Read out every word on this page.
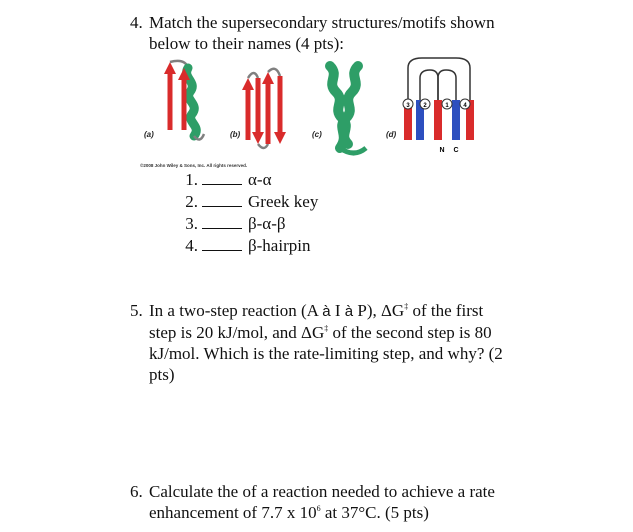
4. Match the supersecondary structures/motifs shown
below to their names (4 pts):
3 2	1 4
N C
(a)	(b)	(c)	(d)
©2008 John Wiley & Sons, Inc. All rights reserved.
1.	α-α
2.	Greek key
3.	β-α-β
4.	β-hairpin
5. In a two-step reaction (A à I à P), ΔG‡ of the first
step is 20 kJ/mol, and ΔG‡ of the second step is 80
kJ/mol. Which is the rate-limiting step, and why? (2
pts)
6. Calculate the of a reaction needed to achieve a rate
enhancement of 7.7 x $10^6$ at 37°C. (5 pts)
